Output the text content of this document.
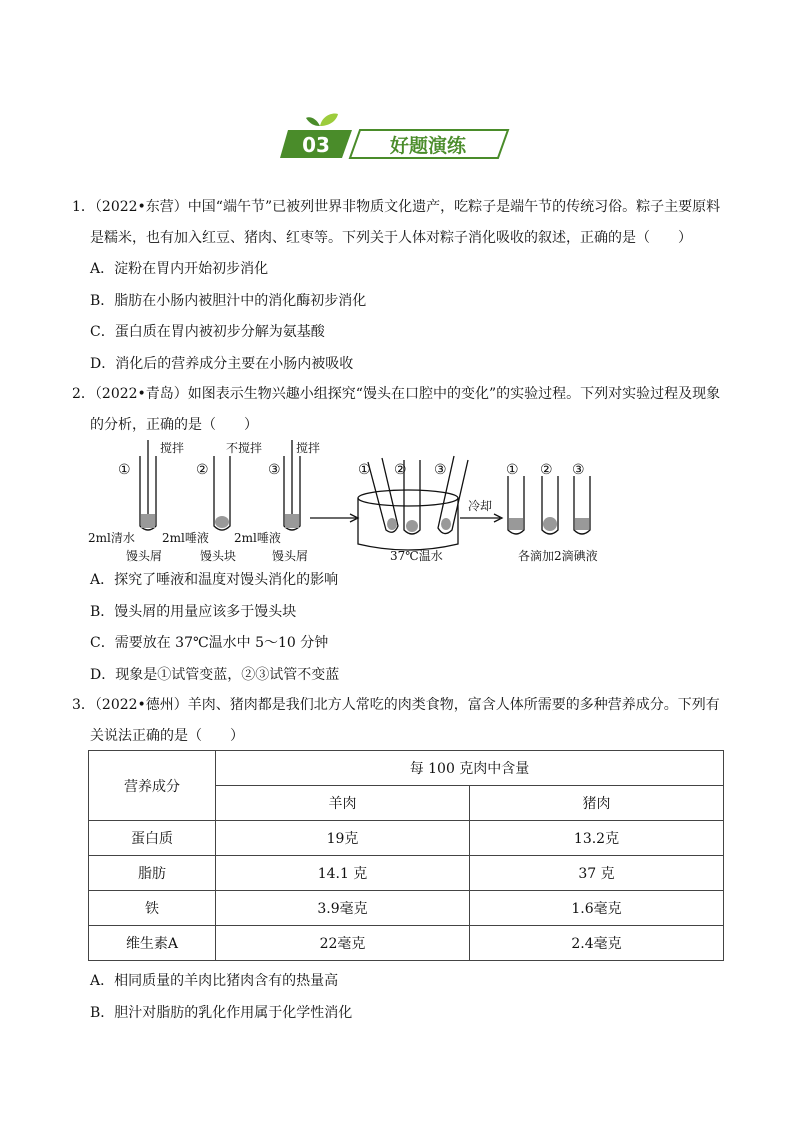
03	好题演练
1．（2022•东营）中国“端午节”已被列世界非物质文化遗产，吃粽子是端午节的传统习俗。粽子主要原料是糯米，也有加入红豆、猪肉、红枣等。下列关于人体对粽子消化吸收的叙述，正确的是（　　）
A．淀粉在胃内开始初步消化
B．脂肪在小肠内被胆汁中的消化酶初步消化
C．蛋白质在胃内被初步分解为氨基酸
D．消化后的营养成分主要在小肠内被吸收
2．（2022•青岛）如图表示生物兴趣小组探究“馒头在口腔中的变化”的实验过程。下列对实验过程及现象的分析，正确的是（　　）
搅拌	不搅拌	搅拌
①	②	③
2ml清水 2ml唾液 2ml唾液
馒头屑	馒头块	馒头屑
① ② ③
37℃温水
冷却
① ② ③
各滴加2滴碘液
A．探究了唾液和温度对馒头消化的影响
B．馒头屑的用量应该多于馒头块
C．需要放在 37℃温水中 5～10 分钟
D．现象是①试管变蓝，②③试管不变蓝
3．（2022•德州）羊肉、猪肉都是我们北方人常吃的肉类食物，富含人体所需要的多种营养成分。下列有关说法正确的是（　　）
营养成分	每 100 克肉中含量	
	羊肉	猪肉
蛋白质	19克	13.2克
脂肪	14.1 克	37 克
铁	3.9毫克	1.6毫克
维生素A	22毫克	2.4毫克
A．相同质量的羊肉比猪肉含有的热量高
B．胆汁对脂肪的乳化作用属于化学性消化
